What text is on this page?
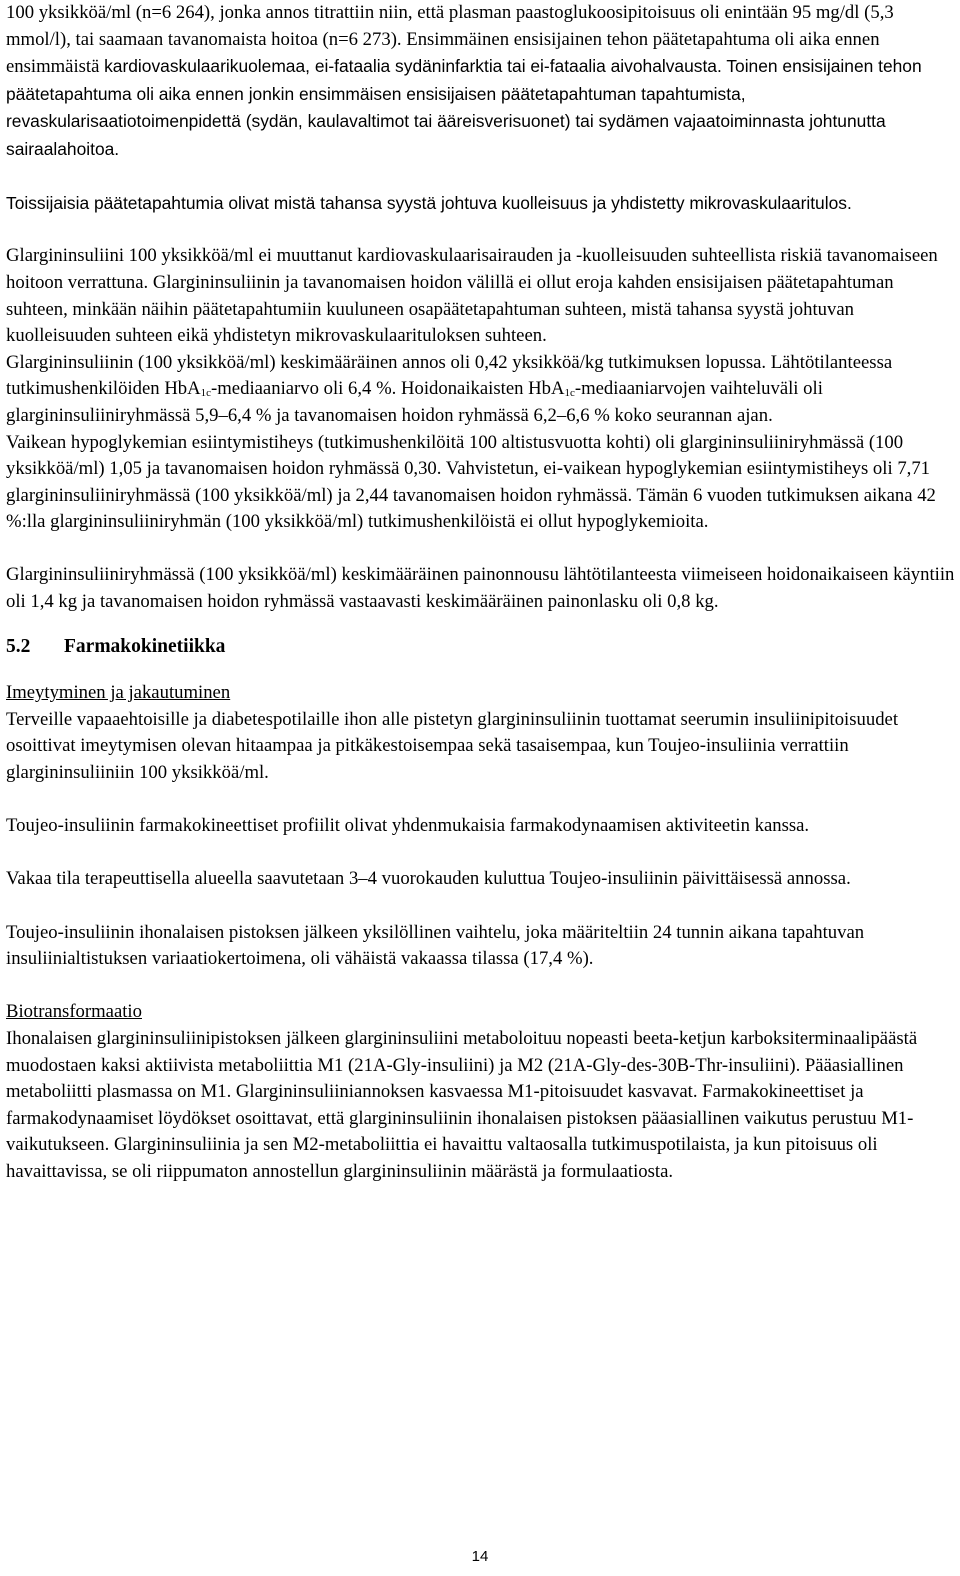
100 yksikköä/ml (n=6 264), jonka annos titrattiin niin, että plasman paastoglukoosipitoisuus oli enintään 95 mg/dl (5,3 mmol/l), tai saamaan tavanomaista hoitoa (n=6 273). Ensimmäinen ensisijainen tehon päätetapahtuma oli aika ennen ensimmäistä kardiovaskulaarikuolemaa, ei-fataalia sydäninfarktia tai ei-fataalia aivohalvausta. Toinen ensisijainen tehon päätetapahtuma oli aika ennen jonkin ensimmäisen ensisijaisen päätetapahtuman tapahtumista, revaskularisaatiotoimenpidettä (sydän, kaulavaltimot tai ääreisverisuonet) tai sydämen vajaatoiminnasta johtunutta sairaalahoitoa.

Toissijaisia päätetapahtumia olivat mistä tahansa syystä johtuva kuolleisuus ja yhdistetty mikrovaskulaaritulos.

Glargininsuliini 100 yksikköä/ml ei muuttanut kardiovaskulaarisairauden ja -kuolleisuuden suhteellista riskiä tavanomaiseen hoitoon verrattuna. Glargininsuliinin ja tavanomaisen hoidon välillä ei ollut eroja kahden ensisijaisen päätetapahtuman suhteen, minkään näihin päätetapahtumiin kuuluneen osapäätetapahtuman suhteen, mistä tahansa syystä johtuvan kuolleisuuden suhteen eikä yhdistetyn mikrovaskulaaritulоksen suhteen.

Glargininsuliinin (100 yksikköä/ml) keskimääräinen annos oli 0,42 yksikköä/kg tutkimuksen lopussa. Lähtötilanteessa tutkimushenkilöiden HbA$_{1c}$-mediaaniarvo oli 6,4 %. Hoidonaikaisten HbA$_{1c}$-mediaaniarvojen vaihteluväli oli glargininsuliiniryhmässä 5,9–6,4 % ja tavanomaisen hoidon ryhmässä 6,2–6,6 % koko seurannan ajan.

Vaikean hypoglykemian esiintymistiheys (tutkimushenkilöitä 100 altistusvuotta kohti) oli glargininsuliiniryhmässä (100 yksikköä/ml) 1,05 ja tavanomaisen hoidon ryhmässä 0,30. Vahvistetun, ei-vaikean hypoglykemian esiintymistiheys oli 7,71 glargininsuliiniryhmässä (100 yksikköä/ml) ja 2,44 tavanomaisen hoidon ryhmässä. Tämän 6 vuoden tutkimuksen aikana 42 %:lla glargininsuliiniryhmän (100 yksikköä/ml) tutkimushenkilöistä ei ollut hypoglykemioita.

Glargininsuliiniryhmässä (100 yksikköä/ml) keskimääräinen painonnousu lähtötilanteesta viimeiseen hoidonaikaiseen käyntiin oli 1,4 kg ja tavanomaisen hoidon ryhmässä vastaavasti keskimääräinen painonlasku oli 0,8 kg.

5.2 Farmakokinetiikka

Imeytyminen ja jakautuminen

Terveille vapaaehtoisille ja diabetespotilaille ihon alle pistetyn glargininsuliinin tuottamat seerumin insuliinipitoisuudet osoittivat imeytymisen olevan hitaampaa ja pitkäkestoisempaa sekä tasaisempaa, kun Toujeo-insuliinia verrattiin glargininsuliiniin 100 yksikköä/ml.

Toujeo-insuliinin farmakokineettiset profiilit olivat yhdenmukaisia farmakodynaamisen aktiviteetin kanssa.

Vakaa tila terapeuttisella alueella saavutetaan 3–4 vuorokauden kuluttua Toujeo-insuliinin päivittäisessä annossa.

Toujeo-insuliinin ihonalaisen pistoksen jälkeen yksilöllinen vaihtelu, joka määriteltiin 24 tunnin aikana tapahtuvan insuliinialtistuksen variaatiokertoimena, oli vähäistä vakaassa tilassa (17,4 %).

Biotransformaatio

Ihonalaisen glargininsuliinipistoksen jälkeen glargininsuliini metaboloituu nopeasti beeta-ketjun karboksiterminaalipäästä muodostaen kaksi aktiivista metaboliittia M1 (21A-Gly-insuliini) ja M2 (21A-Gly-des-30B-Thr-insuliini). Pääasiallinen metaboliitti plasmassa on M1. Glargininsuliiniannoksen kasvaessa M1-pitoisuudet kasvavat. Farmakokineettiset ja farmakodynaamiset löydökset osoittavat, että glargininsuliinin ihonalaisen pistoksen pääasiallinen vaikutus perustuu M1-vaikutukseen. Glargininsuliinia ja sen M2-metaboliittia ei havaittu valtaosalla tutkimuspotilaista, ja kun pitoisuus oli havaittavissa, se oli riippumaton annostellun glargininsuliinin määrästä ja formulaatiosta.

14
